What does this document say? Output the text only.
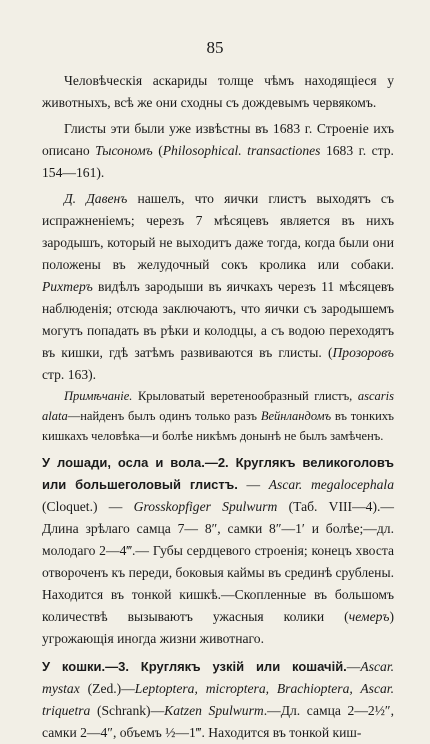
85

Человѣческія аскариды толще чѣмъ находящіеся у животныхъ, всѣ же они сходны съ дождевымъ червякомъ.

Глисты эти были уже извѣстны въ 1683 г. Строеніе ихъ описано Тысономъ (Philosophical. transactiones 1683 г. стр. 154—161).

Д. Давенъ нашелъ, что яички глистъ выходятъ съ испражненіемъ; черезъ 7 мѣсяцевъ является въ нихъ зародышъ, который не выходитъ даже тогда, когда были они положены въ желудочный сокъ кролика или собаки. Рихтеръ видѣлъ зародыши въ яичкахъ черезъ 11 мѣсяцевъ наблюденія; отсюда заключаютъ, что яички съ зародышемъ могутъ попадать въ рѣки и колодцы, а съ водою переходятъ въ кишки, гдѣ затѣмъ развиваются въ глисты. (Прозоровъ стр. 163).

Примѣчаніе. Крыловатый веретенообразный глистъ, ascaris alata—найденъ былъ одинъ только разъ Вейнландомъ въ тонкихъ кишкахъ человѣка—и болѣе никѣмъ донынѣ не былъ замѣченъ.

У лошади, осла и вола.—2. Круглякъ великоголовъ или большеголовый глистъ. — Ascar. megalocephala (Cloquet.) — Grosskopfiger Spulwurm (Таб. VIII—4).— Длина зрѣлаго самца 7— 8″, самки 8″—1′ и болѣе;—дл. молодаго 2—4‴.— Губы сердцевого строенія; конецъ хвоста отвороченъ къ переди, боковыя каймы въ срединѣ срублены. Находится въ тонкой кишкѣ.—Скопленные въ большомъ количествѣ вызываютъ ужасныя колики (чемеръ) угрожающія иногда жизни животнаго.

У кошки.—3. Круглякъ узкій или кошачій.—Ascar. mystax (Zed.)—Leptoptera, microptera, Brachioptera, Ascar. triquetra (Schrank)—Katzen Spulwurm.—Дл. самца 2—2½″, самки 2—4″, объемъ ½—1‴. Находится въ тонкой киш-
